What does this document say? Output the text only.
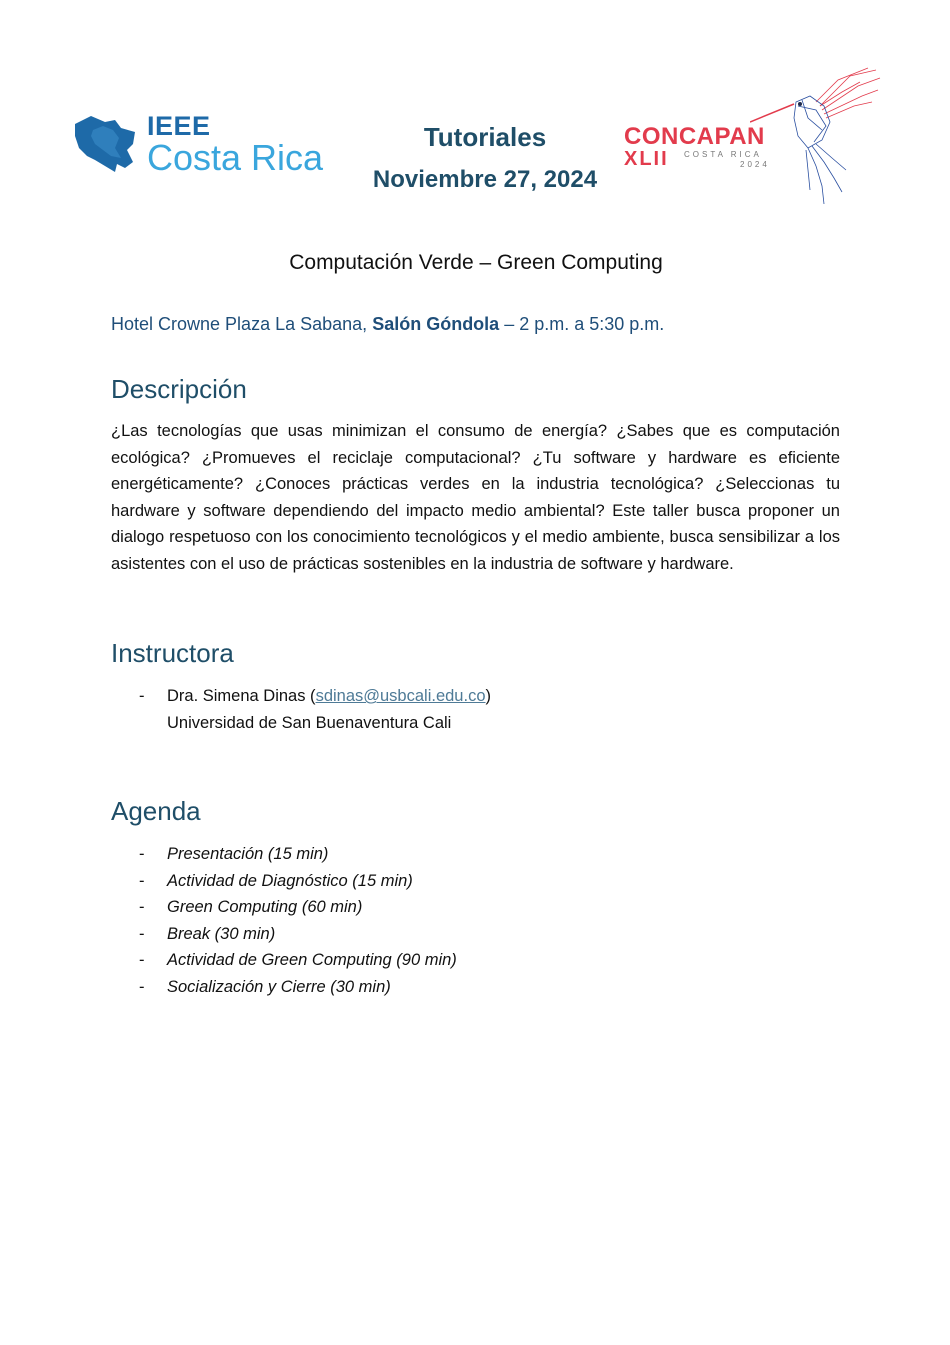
IEEE
Costa Rica	Tutoriales
Noviembre 27, 2024
CONCAPAN
XLII COSTA RICA
2024
Computación Verde – Green Computing
Hotel Crowne Plaza La Sabana, Salón Góndola – 2 p.m. a 5:30 p.m.
Descripción
¿Las tecnologías que usas minimizan el consumo de energía? ¿Sabes que es computación ecológica? ¿Promueves el reciclaje computacional? ¿Tu software y hardware es eficiente energéticamente? ¿Conoces prácticas verdes en la industria tecnológica? ¿Seleccionas tu hardware y software dependiendo del impacto medio ambiental? Este taller busca proponer un dialogo respetuoso con los conocimiento tecnológicos y el medio ambiente, busca sensibilizar a los asistentes con el uso de prácticas sostenibles en la industria de software y hardware.
Instructora
- Dra. Simena Dinas (sdinas@usbcali.edu.co)
Universidad de San Buenaventura Cali
Agenda
- Presentación (15 min)
- Actividad de Diagnóstico (15 min)
- Green Computing (60 min)
- Break (30 min)
- Actividad de Green Computing (90 min)
- Socialización y Cierre (30 min)
